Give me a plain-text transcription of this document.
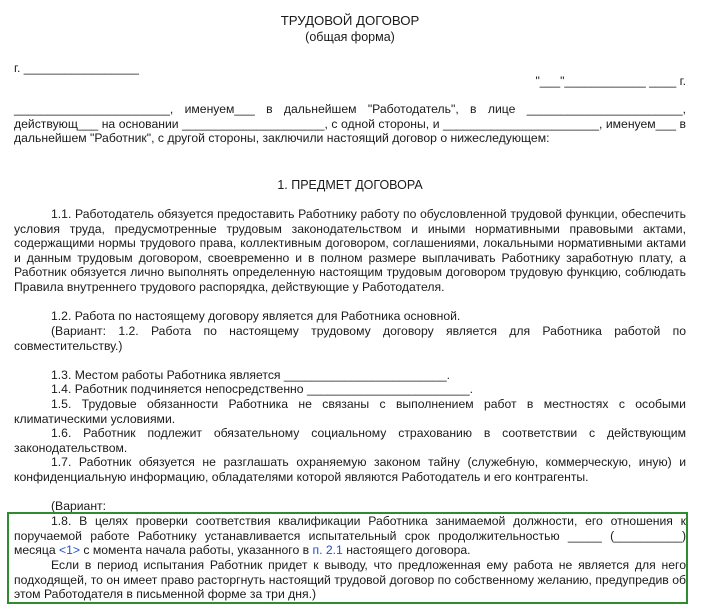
ТРУДОВОЙ ДОГОВОР
(общая форма)
г. _________________
"___"____________ ____ г.

_______________________, именуем___ в дальнейшем "Работодатель", в лице _______________________, действующ___ на основании _____________________, с одной стороны, и _______________________, именуем___ в дальнейшем "Работник", с другой стороны, заключили настоящий договор о нижеследующем:

1. ПРЕДМЕТ ДОГОВОРА

1.1. Работодатель обязуется предоставить Работнику работу по обусловленной трудовой функции, обеспечить условия труда, предусмотренные трудовым законодательством и иными нормативными правовыми актами, содержащими нормы трудового права, коллективным договором, соглашениями, локальными нормативными актами и данным трудовым договором, своевременно и в полном размере выплачивать Работнику заработную плату, а Работник обязуется лично выполнять определенную настоящим трудовым договором трудовую функцию, соблюдать Правила внутреннего трудового распорядка, действующие у Работодателя.

1.2. Работа по настоящему договору является для Работника основной.

(Вариант: 1.2. Работа по настоящему трудовому договору является для Работника работой по совместительству.)

1.3. Местом работы Работника является ________________________.

1.4. Работник подчиняется непосредственно ________________________.

1.5. Трудовые обязанности Работника не связаны с выполнением работ в местностях с особыми климатическими условиями.

1.6. Работник подлежит обязательному социальному страхованию в соответствии с действующим законодательством.

1.7. Работник обязуется не разглашать охраняемую законом тайну (служебную, коммерческую, иную) и конфиденциальную информацию, обладателями которой являются Работодатель и его контрагенты.

(Вариант:

1.8. В целях проверки соответствия квалификации Работника занимаемой должности, его отношения к поручаемой работе Работнику устанавливается испытательный срок продолжительностью _____ (__________) месяца <1> с момента начала работы, указанного в п. 2.1 настоящего договора.

Если в период испытания Работник придет к выводу, что предложенная ему работа не является для него подходящей, то он имеет право расторгнуть настоящий трудовой договор по собственному желанию, предупредив об этом Работодателя в письменной форме за три дня.)
